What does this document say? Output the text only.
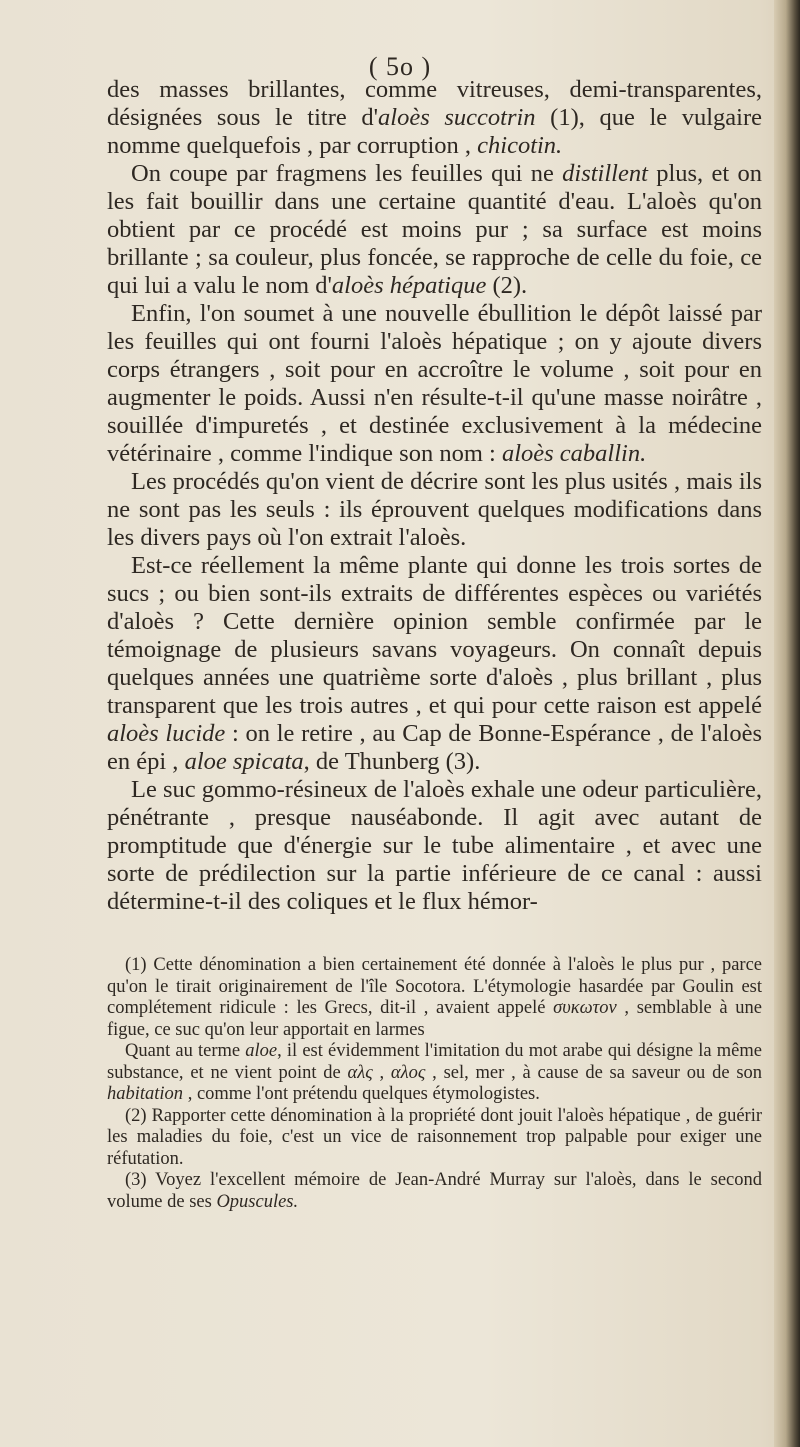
( 5o )

des masses brillantes, comme vitreuses, demi-transparentes, désignées sous le titre d'aloès succotrin (1), que le vulgaire nomme quelquefois , par corruption , chicotin.

On coupe par fragmens les feuilles qui ne distillent plus, et on les fait bouillir dans une certaine quantité d'eau. L'aloès qu'on obtient par ce procédé est moins pur ; sa surface est moins brillante ; sa couleur, plus foncée, se rapproche de celle du foie, ce qui lui a valu le nom d'aloès hépatique (2).

Enfin, l'on soumet à une nouvelle ébullition le dépôt laissé par les feuilles qui ont fourni l'aloès hépatique ; on y ajoute divers corps étrangers , soit pour en accroître le volume , soit pour en augmenter le poids. Aussi n'en résulte-t-il qu'une masse noirâtre , souillée d'impuretés , et destinée exclusivement à la médecine vétérinaire , comme l'indique son nom : aloès caballin.

Les procédés qu'on vient de décrire sont les plus usités , mais ils ne sont pas les seuls : ils éprouvent quelques modifications dans les divers pays où l'on extrait l'aloès.

Est-ce réellement la même plante qui donne les trois sortes de sucs ; ou bien sont-ils extraits de différentes espèces ou variétés d'aloès ? Cette dernière opinion semble confirmée par le témoignage de plusieurs savans voyageurs. On connaît depuis quelques années une quatrième sorte d'aloès , plus brillant , plus transparent que les trois autres , et qui pour cette raison est appelé aloès lucide : on le retire , au Cap de Bonne-Espérance , de l'aloès en épi , aloe spicata, de Thunberg (3).

Le suc gommo-résineux de l'aloès exhale une odeur particulière, pénétrante , presque nauséabonde. Il agit avec autant de promptitude que d'énergie sur le tube alimentaire , et avec une sorte de prédilection sur la partie inférieure de ce canal : aussi détermine-t-il des coliques et le flux hémor-

(1) Cette dénomination a bien certainement été donnée à l'aloès le plus pur , parce qu'on le tirait originairement de l'île Socotora. L'étymologie hasardée par Goulin est complétement ridicule : les Grecs, dit-il , avaient appelé συκωτον , semblable à une figue, ce suc qu'on leur apportait en larmes

Quant au terme aloe, il est évidemment l'imitation du mot arabe qui désigne la même substance, et ne vient point de αλς , αλος , sel, mer , à cause de sa saveur ou de son habitation , comme l'ont prétendu quelques étymologistes.

(2) Rapporter cette dénomination à la propriété dont jouit l'aloès hépatique , de guérir les maladies du foie, c'est un vice de raisonnement trop palpable pour exiger une réfutation.

(3) Voyez l'excellent mémoire de Jean-André Murray sur l'aloès, dans le second volume de ses Opuscules.
